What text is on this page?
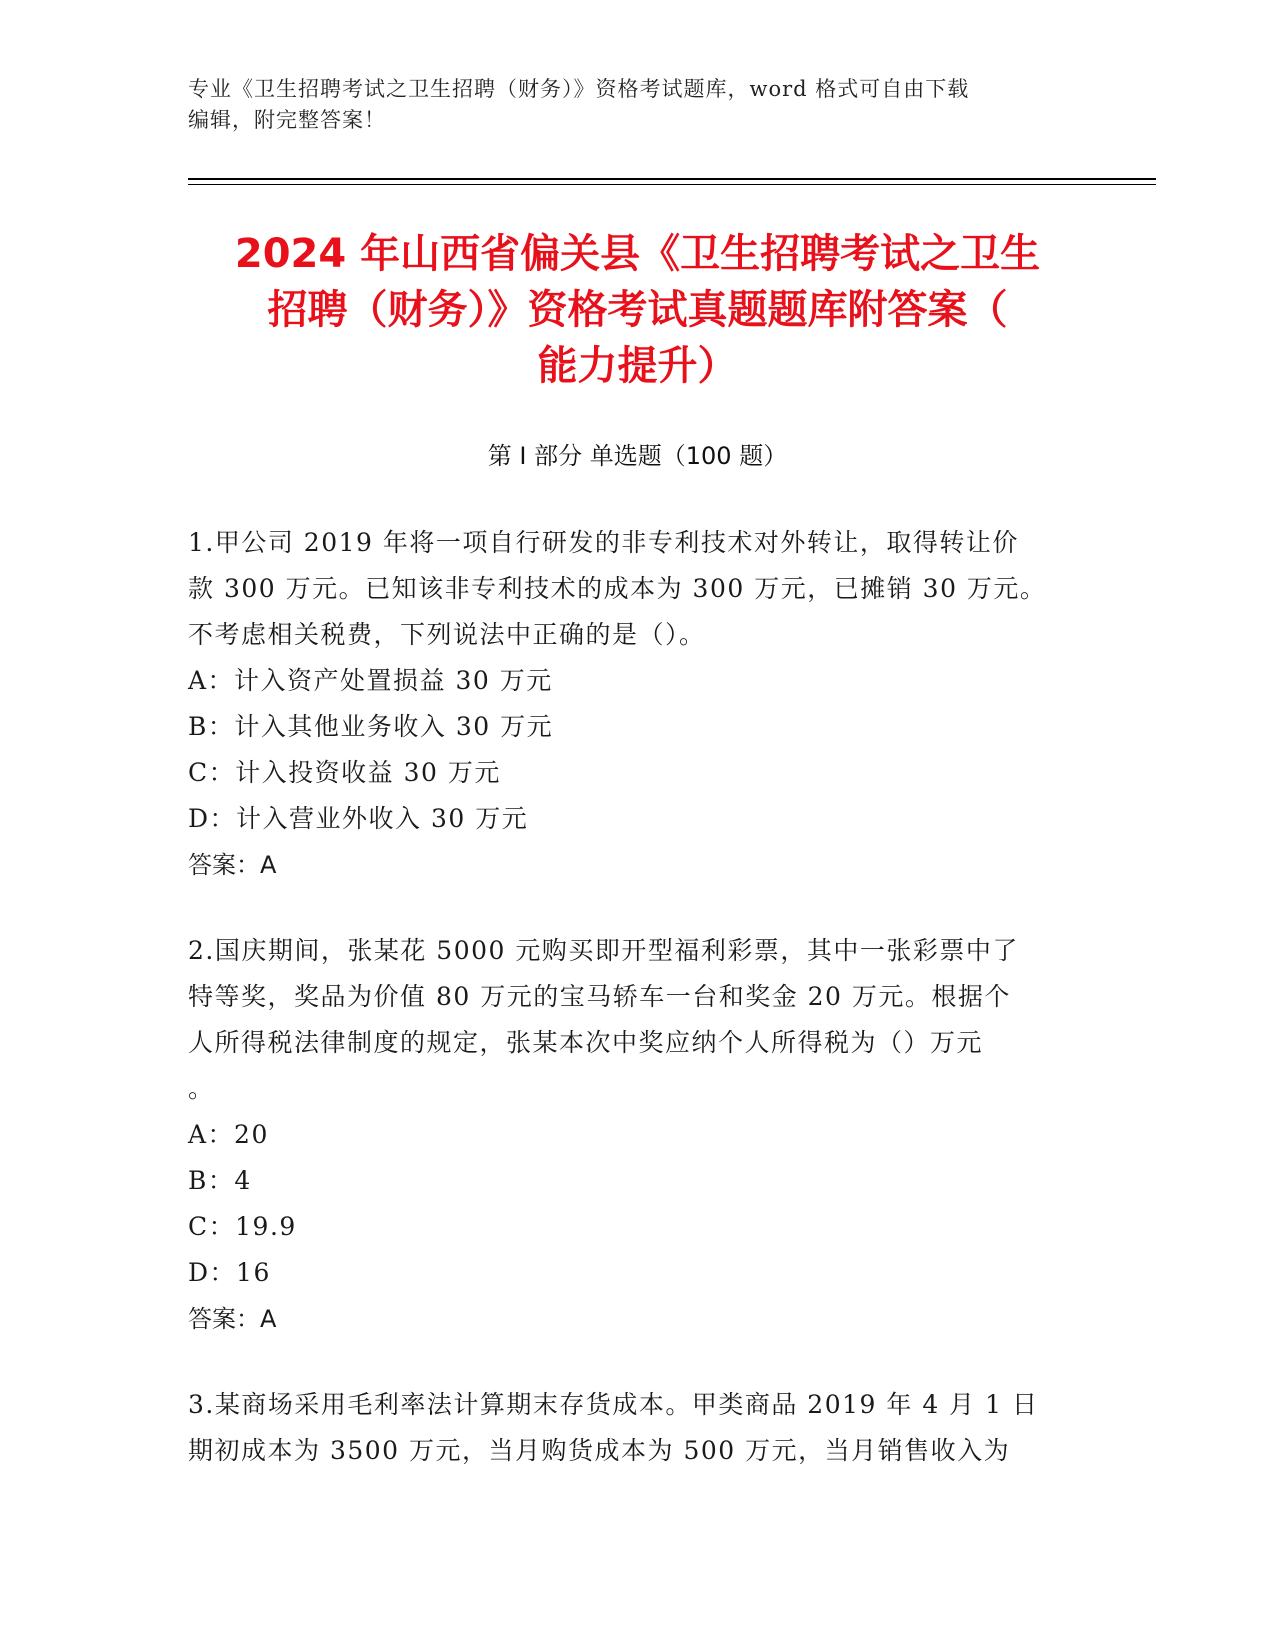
专业《卫生招聘考试之卫生招聘（财务）》资格考试题库，word 格式可自由下载
编辑，附完整答案！
2024 年山西省偏关县《卫生招聘考试之卫生
招聘（财务）》资格考试真题题库附答案（
能力提升）
第 I 部分 单选题（100 题）
1.甲公司 2019 年将一项自行研发的非专利技术对外转让，取得转让价
款 300 万元。已知该非专利技术的成本为 300 万元，已摊销 30 万元。
不考虑相关税费，下列说法中正确的是（）。
A：计入资产处置损益 30 万元
B：计入其他业务收入 30 万元
C：计入投资收益 30 万元
D：计入营业外收入 30 万元
答案：A
2.国庆期间，张某花 5000 元购买即开型福利彩票，其中一张彩票中了
特等奖，奖品为价值 80 万元的宝马轿车一台和奖金 20 万元。根据个
人所得税法律制度的规定，张某本次中奖应纳个人所得税为（）万元
。
A：20
B：4
C：19.9
D：16
答案：A
3.某商场采用毛利率法计算期末存货成本。甲类商品 2019 年 4 月 1 日
期初成本为 3500 万元，当月购货成本为 500 万元，当月销售收入为
